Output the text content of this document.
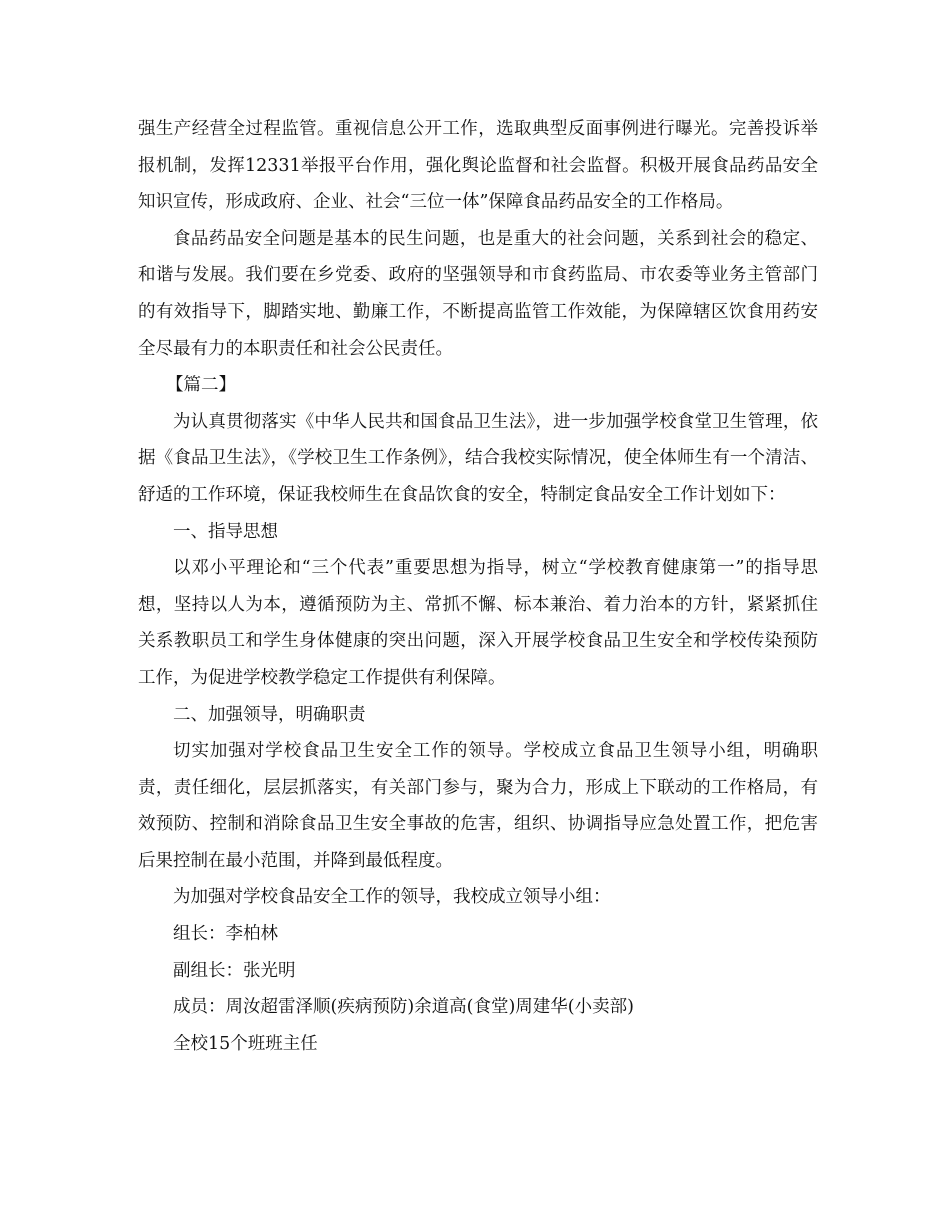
强生产经营全过程监管。重视信息公开工作，选取典型反面事例进行曝光。完善投诉举报机制，发挥12331举报平台作用，强化舆论监督和社会监督。积极开展食品药品安全知识宣传，形成政府、企业、社会“三位一体”保障食品药品安全的工作格局。

食品药品安全问题是基本的民生问题，也是重大的社会问题，关系到社会的稳定、和谐与发展。我们要在乡党委、政府的坚强领导和市食药监局、市农委等业务主管部门的有效指导下，脚踏实地、勤廉工作，不断提高监管工作效能，为保障辖区饮食用药安全尽最有力的本职责任和社会公民责任。

【篇二】

为认真贯彻落实《中华人民共和国食品卫生法》，进一步加强学校食堂卫生管理，依据《食品卫生法》，《学校卫生工作条例》，结合我校实际情况，使全体师生有一个清洁、舒适的工作环境，保证我校师生在食品饮食的安全，特制定食品安全工作计划如下：

一、指导思想

以邓小平理论和“三个代表”重要思想为指导，树立“学校教育健康第一”的指导思想，坚持以人为本，遵循预防为主、常抓不懈、标本兼治、着力治本的方针，紧紧抓住关系教职员工和学生身体健康的突出问题，深入开展学校食品卫生安全和学校传染预防工作，为促进学校教学稳定工作提供有利保障。

二、加强领导，明确职责

切实加强对学校食品卫生安全工作的领导。学校成立食品卫生领导小组，明确职责，责任细化，层层抓落实，有关部门参与，聚为合力，形成上下联动的工作格局，有效预防、控制和消除食品卫生安全事故的危害，组织、协调指导应急处置工作，把危害后果控制在最小范围，并降到最低程度。

为加强对学校食品安全工作的领导，我校成立领导小组：

组长：李柏林

副组长：张光明

成员：周汝超雷泽顺(疾病预防)余道高(食堂)周建华(小卖部)

全校15个班班主任
